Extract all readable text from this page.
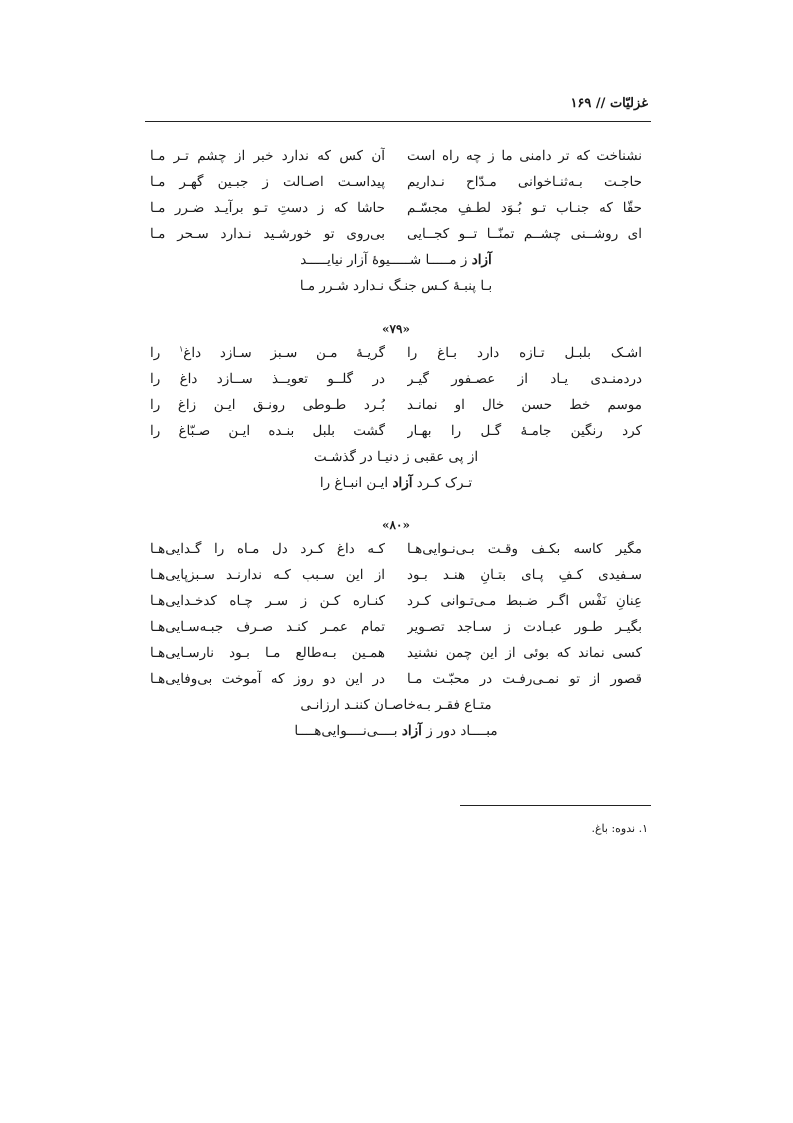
غزلیّات // ۱۶۹
نشناخت که تر دامنی ما ز چه راه است
آن کس که ندارد خبر از چشم تـر مـا
حاجـت بـه‌ثنـاخوانی مـدّاح نـداریم
پیداسـت اصـالت ز جبـین گهـر مـا
حقّا که جنـاب تـو بُـوَد لطـفِ مجسّـم
حاشا که ز دستِ تـو برآیـد ضـرر مـا
ای روشــنی چشــم تمنّــا تــو کجــایی
بی‌روی تو خورشـید نـدارد سـحر مـا
آزاد ز مـــــا شـــــیوهٔ آزار نیایـــــد
بـا پنبـهٔ کـس جنـگ نـدارد شـرر مـا
«۷۹»
اشـک بلبـل تـازه دارد بـاغ را
گریـهٔ مـن سـبز سـازد داغ$^۱$ را
دردمنـدی یـاد از عصـفور گیـر
در گلــو تعویــذ ســازد داغ را
موسم خط حسن خال او نمانـد
بُـرد طـوطی رونـق ایـن زاغ را
کرد رنگین جامـهٔ گـل را بهـار
گشت بلبل بنـده ایـن صـبّاغ را
از پی عقبی ز دنیـا در گذشـت
تـرک کـرد آزاد ایـن انبـاغ را
«۸۰»
مگیر کاسه بکـف وقـت بـی‌نـوایی‌هـا
کـه داغ کـرد دل مـاه را گـدایی‌هـا
سـفیدی کـفِ پـای بتـانِ هنـد بـود
از این سـبب کـه ندارنـد سـبزپایی‌هـا
عِنانِ نَفْس اگـر ضـبط مـی‌تـوانی کـرد
کنـاره کـن ز سـر چـاه کدخـدایی‌هـا
بگیـر طـور عبـادت ز سـاجد تصـویر
تمام عمـر کنـد صـرف جبـه‌سـایی‌هـا
کسی نماند که بوئی از این چمن نشنید
همـین بـه‌طالع مـا بـود نارسـایی‌هـا
قصور از تو نمـی‌رفـت در محبّـت مـا
در این دو روز که آموخت بی‌وفایی‌هـا
متـاع فقـر بـه‌خاصـان کننـد ارزانـی
مبــــاد دور ز آزاد بــــی‌نــــوایی‌هــــا
۱. ندوه: باغ.
